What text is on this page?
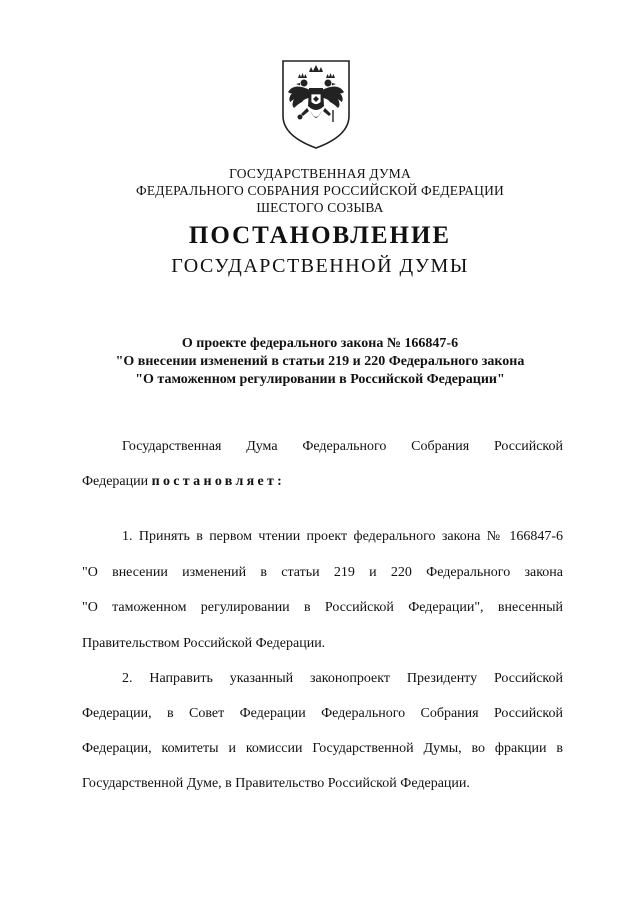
ГОСУДАРСТВЕННАЯ ДУМА
ФЕДЕРАЛЬНОГО СОБРАНИЯ РОССИЙСКОЙ ФЕДЕРАЦИИ
ШЕСТОГО СОЗЫВА
ПОСТАНОВЛЕНИЕ
ГОСУДАРСТВЕННОЙ ДУМЫ
О проекте федерального закона № 166847-6
"О внесении изменений в статьи 219 и 220 Федерального закона
"О таможенном регулировании в Российской Федерации"
Государственная Дума Федерального Собрания Российской
Федерации постановляет:
1. Принять в первом чтении проект федерального закона № 166847-6
"О внесении изменений в статьи 219 и 220 Федерального закона
"О таможенном регулировании в Российской Федерации", внесенный
Правительством Российской Федерации.
2. Направить указанный законопроект Президенту Российской
Федерации, в Совет Федерации Федерального Собрания Российской
Федерации, комитеты и комиссии Государственной Думы, во фракции в
Государственной Думе, в Правительство Российской Федерации.
